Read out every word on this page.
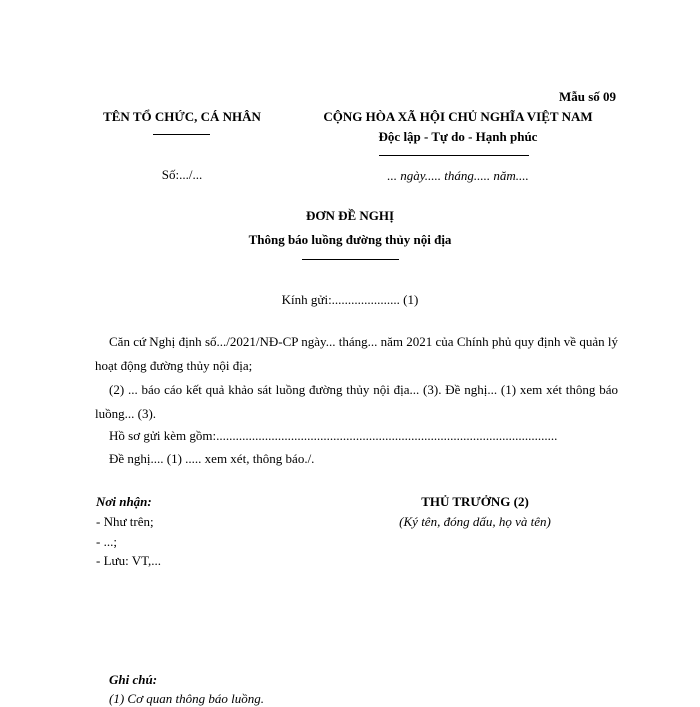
Mẫu số 09
TÊN TỔ CHỨC, CÁ NHÂN
Số:.../...
CỘNG HÒA XÃ HỘI CHỦ NGHĨA VIỆT NAM
Độc lập - Tự do - Hạnh phúc
... ngày..... tháng..... năm....
ĐƠN ĐỀ NGHỊ
Thông báo luồng đường thủy nội địa
Kính gửi:..................... (1)
Căn cứ Nghị định số.../2021/NĐ-CP ngày... tháng... năm 2021 của Chính phủ quy định về quản lý hoạt động đường thủy nội địa;
(2) ... báo cáo kết quả khảo sát luồng đường thủy nội địa... (3). Đề nghị... (1) xem xét thông báo luồng... (3).
Hồ sơ gửi kèm gồm:.........................................................................................................
Đề nghị.... (1) ..... xem xét, thông báo./.
Nơi nhận:
- Như trên;
- ...;
- Lưu: VT,...
THỦ TRƯỞNG (2)
(Ký tên, đóng dấu, họ và tên)
Ghi chú:
(1) Cơ quan thông báo luồng.
